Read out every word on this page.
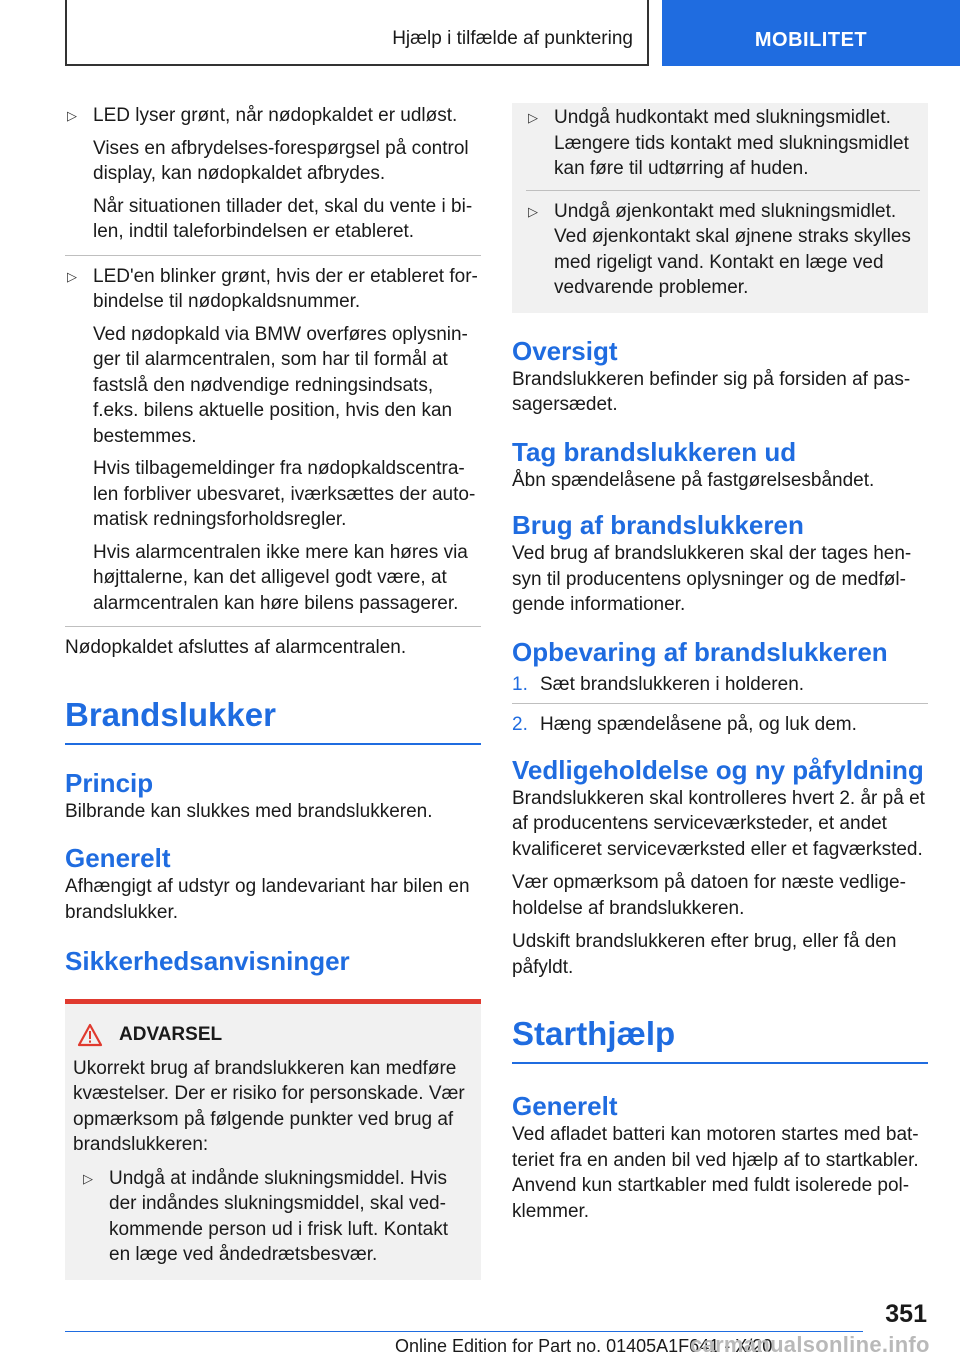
Hjælp i tilfælde af punktering	MOBILITET
▷ LED lyser grønt, når nødopkaldet er udløst.

Vises en afbrydelses-forespørgsel på control display, kan nødopkaldet afbrydes.

Når situationen tillader det, skal du vente i bi-len, indtil taleforbindelsen er etableret.

▷ LED'en blinker grønt, hvis der er etableret for-bindelse til nødopkaldsnummer.

Ved nødopkald via BMW overføres oplysnin-ger til alarmcentralen, som har til formål at fastslå den nødvendige redningsindsats, f.eks. bilens aktuelle position, hvis den kan bestemmes.

Hvis tilbagemeldinger fra nødopkaldscentra-len forbliver ubesvaret, iværksættes der auto-matisk redningsforholdsregler.

Hvis alarmcentralen ikke mere kan høres via højttalerne, kan det alligevel godt være, at alarmcentralen kan høre bilens passagerer.

Nødopkaldet afsluttes af alarmcentralen.
Brandslukker
Princip

Bilbrande kan slukkes med brandslukkeren.

Generelt

Afhængigt af udstyr og landevariant har bilen en brandslukker.

Sikkerhedsanvisninger
ADVARSEL

Ukorrekt brug af brandslukkeren kan medføre kvæstelser. Der er risiko for personskade. Vær opmærksom på følgende punkter ved brug af brandslukkeren:

▷ Undgå at indånde slukningsmiddel. Hvis der indåndes slukningsmiddel, skal ved-kommende person ud i frisk luft. Kontakt en læge ved åndedrætsbesvær.

▷ Undgå hudkontakt med slukningsmidlet. Længere tids kontakt med slukningsmidlet kan føre til udtørring af huden.

▷ Undgå øjenkontakt med slukningsmidlet. Ved øjenkontakt skal øjnene straks skylles med rigeligt vand. Kontakt en læge ved vedvarende problemer.

Oversigt

Brandslukkeren befinder sig på forsiden af pas-sagersædet.

Tag brandslukkeren ud

Åbn spændelåsene på fastgørelsesbåndet.

Brug af brandslukkeren

Ved brug af brandslukkeren skal der tages hen-syn til producentens oplysninger og de medføl-gende informationer.

Opbevaring af brandslukkeren
1. Sæt brandslukkeren i holderen.
2. Hæng spændelåsene på, og luk dem.
Vedligeholdelse og ny påfyldning

Brandslukkeren skal kontrolleres hvert 2. år på et af producentens serviceværksteder, et andet kvalificeret serviceværksted eller et fagværksted.

Vær opmærksom på datoen for næste vedlige-holdelse af brandslukkeren.

Udskift brandslukkeren efter brug, eller få den påfyldt.

Starthjælp
Generelt

Ved afladet batteri kan motoren startes med bat-teriet fra en anden bil ved hjælp af to startkabler. Anvend kun startkabler med fuldt isolerede pol-klemmer.

351
Online Edition for Part no. 01405A1F641 - X/20
carmanualsonline.info
